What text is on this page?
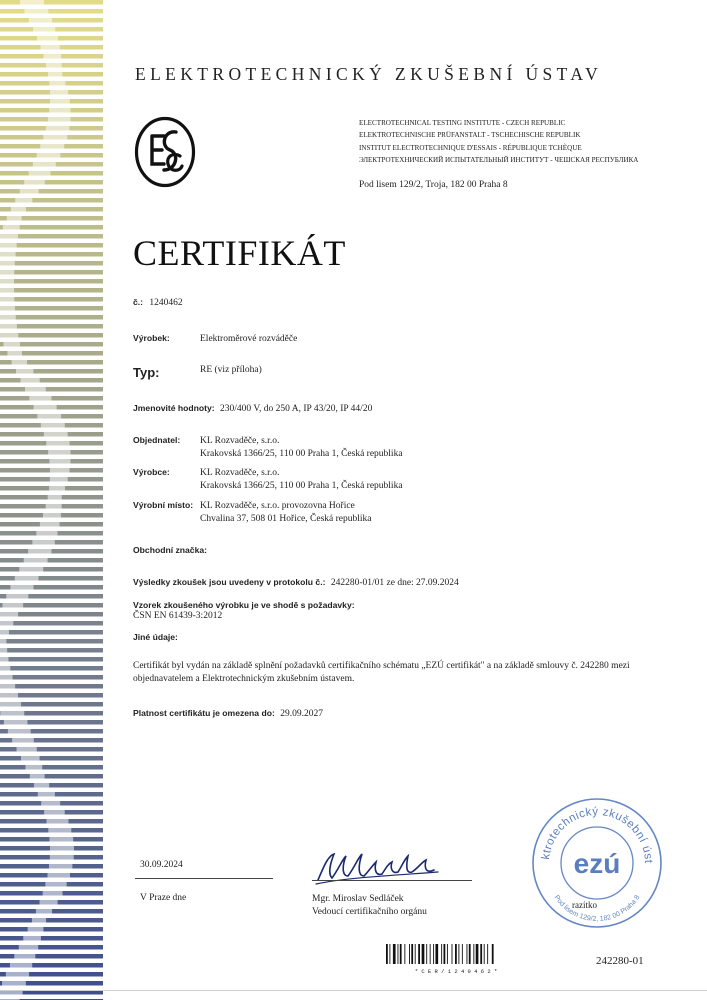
ELEKTROTECHNICKÝ ZKUŠEBNÍ ÚSTAV
ELECTROTECHNICAL TESTING INSTITUTE - CZECH REPUBLIC
ELEKTROTECHNISCHE PRÜFANSTALT - TSCHECHISCHE REPUBLIK
INSTITUT ELECTROTECHNIQUE D'ESSAIS - RÉPUBLIQUE TCHÈQUE
ЭЛЕКТРОТЕХНИЧЕСКИЙ ИСПЫТАТЕЛЬНЫЙ ИНСТИТУТ - ЧЕШСКАЯ РЕСПУБЛИКА
Pod lisem 129/2, Troja, 182 00 Praha 8
CERTIFIKÁT
č.: 1240462
Výrobek:	Elektroměrové rozváděče
Typ:	RE (viz příloha)
Jmenovité hodnoty: 230/400 V, do 250 A, IP 43/20, IP 44/20
Objednatel: KL Rozvaděče, s.r.o.
Krakovská 1366/25, 110 00 Praha 1, Česká republika
Výrobce:	KL Rozvaděče, s.r.o.
Krakovská 1366/25, 110 00 Praha 1, Česká republika
Výrobní místo: KL Rozvaděče, s.r.o. provozovna Hořice
Chvalina 37, 508 01 Hořice, Česká republika
Obchodní značka:
Výsledky zkoušek jsou uvedeny v protokolu č.: 242280-01/01 ze dne: 27.09.2024
Vzorek zkoušeného výrobku je ve shodě s požadavky:
ČSN EN 61439-3:2012
Jiné údaje:
Certifikát byl vydán na základě splnění požadavků certifikačního schématu „EZÚ certifikát" a na základě smlouvy č. 242280 mezi objednavatelem a Elektrotechnickým zkušebním ústavem.
Platnost certifikátu je omezena do: 29.09.2027
ktrotechnický zkušební úst
Pod lisem 129/2, 182 00 Praha 8
ezú
razítko
30.09.2024
V Praze dne	Mgr. Miroslav Sedláček
Vedoucí certifikačního orgánu
* C E R / 1 2 4 0 4 6 2 *
242280-01
